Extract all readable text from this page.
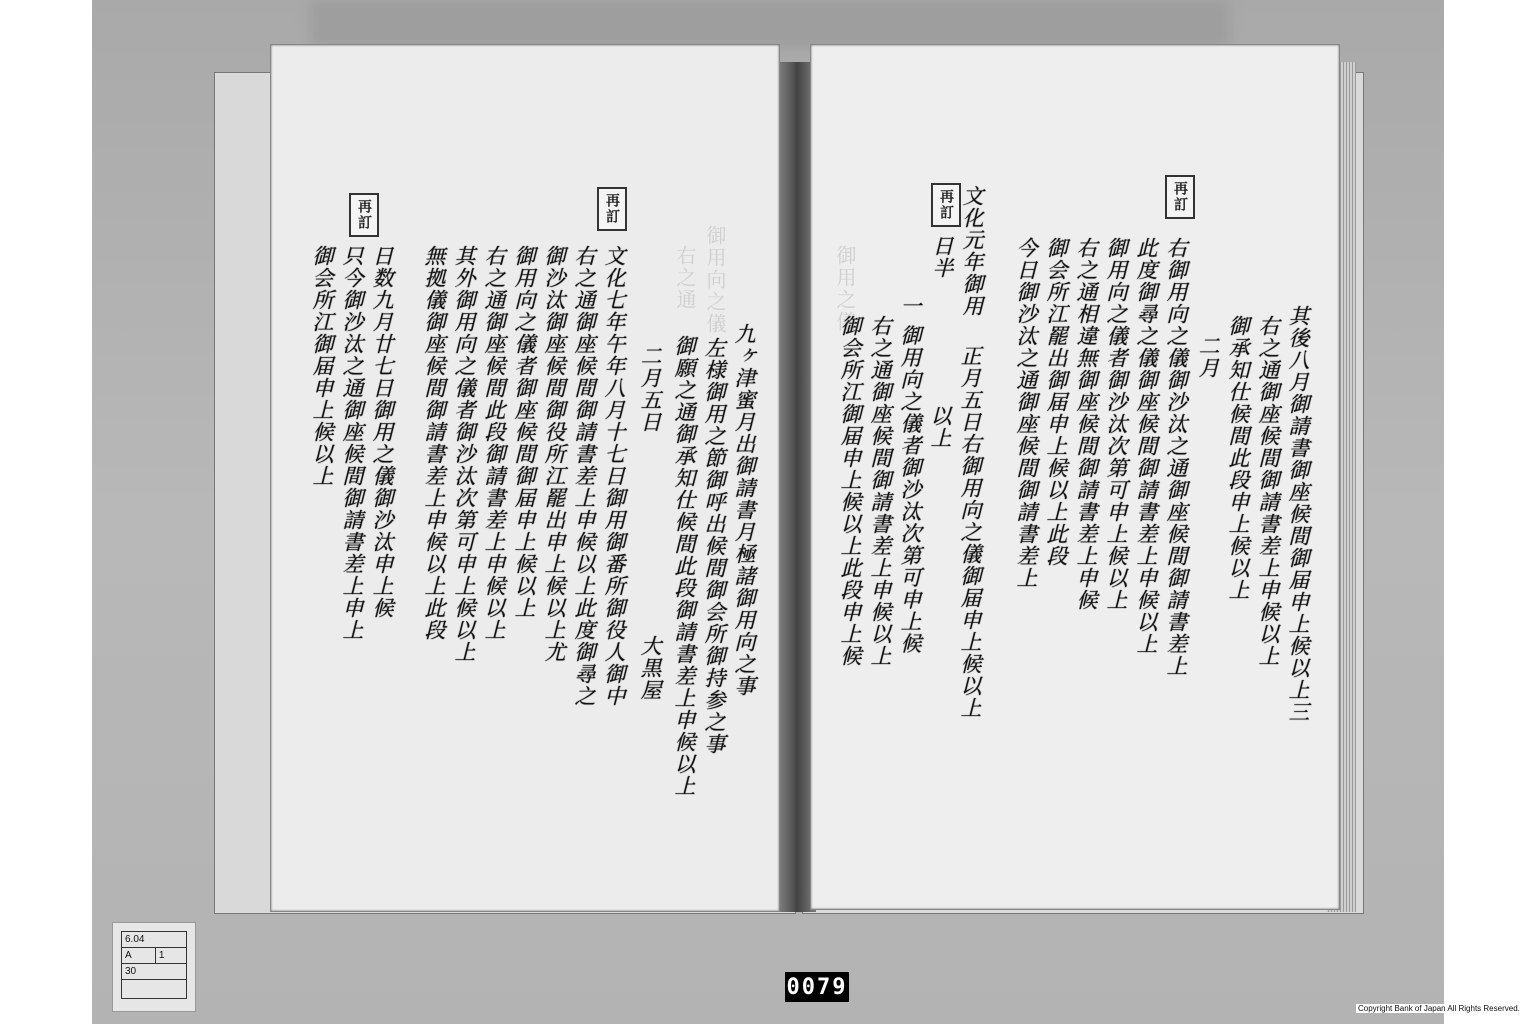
御用向之儀
右之通
再訂	再訂
九ヶ津蜜月出御請書月極諸御用向之事
左様御用之節御呼出候間御会所御持参之事
御願之通御承知仕候間此段御請書差上申候以上
二月五日
文化七年午年八月十七日御用御番所御役人御中
右之通御座候間御請書差上申候以上此度御尋之
御沙汰御座候間御役所江罷出申上候以上尤
御用向之儀者御座候間御届申上候以上
右之通御座候間此段御請書差上申候以上
其外御用向之儀者御沙汰次第可申上候以上
無拠儀御座候間御請書差上申候以上此段
日数九月廿七日御用之儀御沙汰申上候
只今御沙汰之通御座候間御請書差上申上
御会所江御届申上候以上
大黒屋
御用之儀
再訂
再訂
其後八月御請書御座候間御届申上候以上三
右之通御座候間御請書差上申候以上
御承知仕候間此段申上候以上
二月
右御用向之儀御沙汰之通御座候間御請書差上
此度御尋之儀御座候間御請書差上申候以上
御用向之儀者御沙汰次第可申上候以上
右之通相違無御座候間御請書差上申候
御会所江罷出御届申上候以上此段
今日御沙汰之通御座候間御請書差上
文化元年御用
日半
正月五日右御用向之儀御届申上候以上
以上
一 御用向之儀者御沙汰次第可申上候
右之通御座候間御請書差上申候以上
御会所江御届申上候以上此段申上候
6.04
A	1
30

0079
Copyright Bank of Japan All Rights Reserved.
